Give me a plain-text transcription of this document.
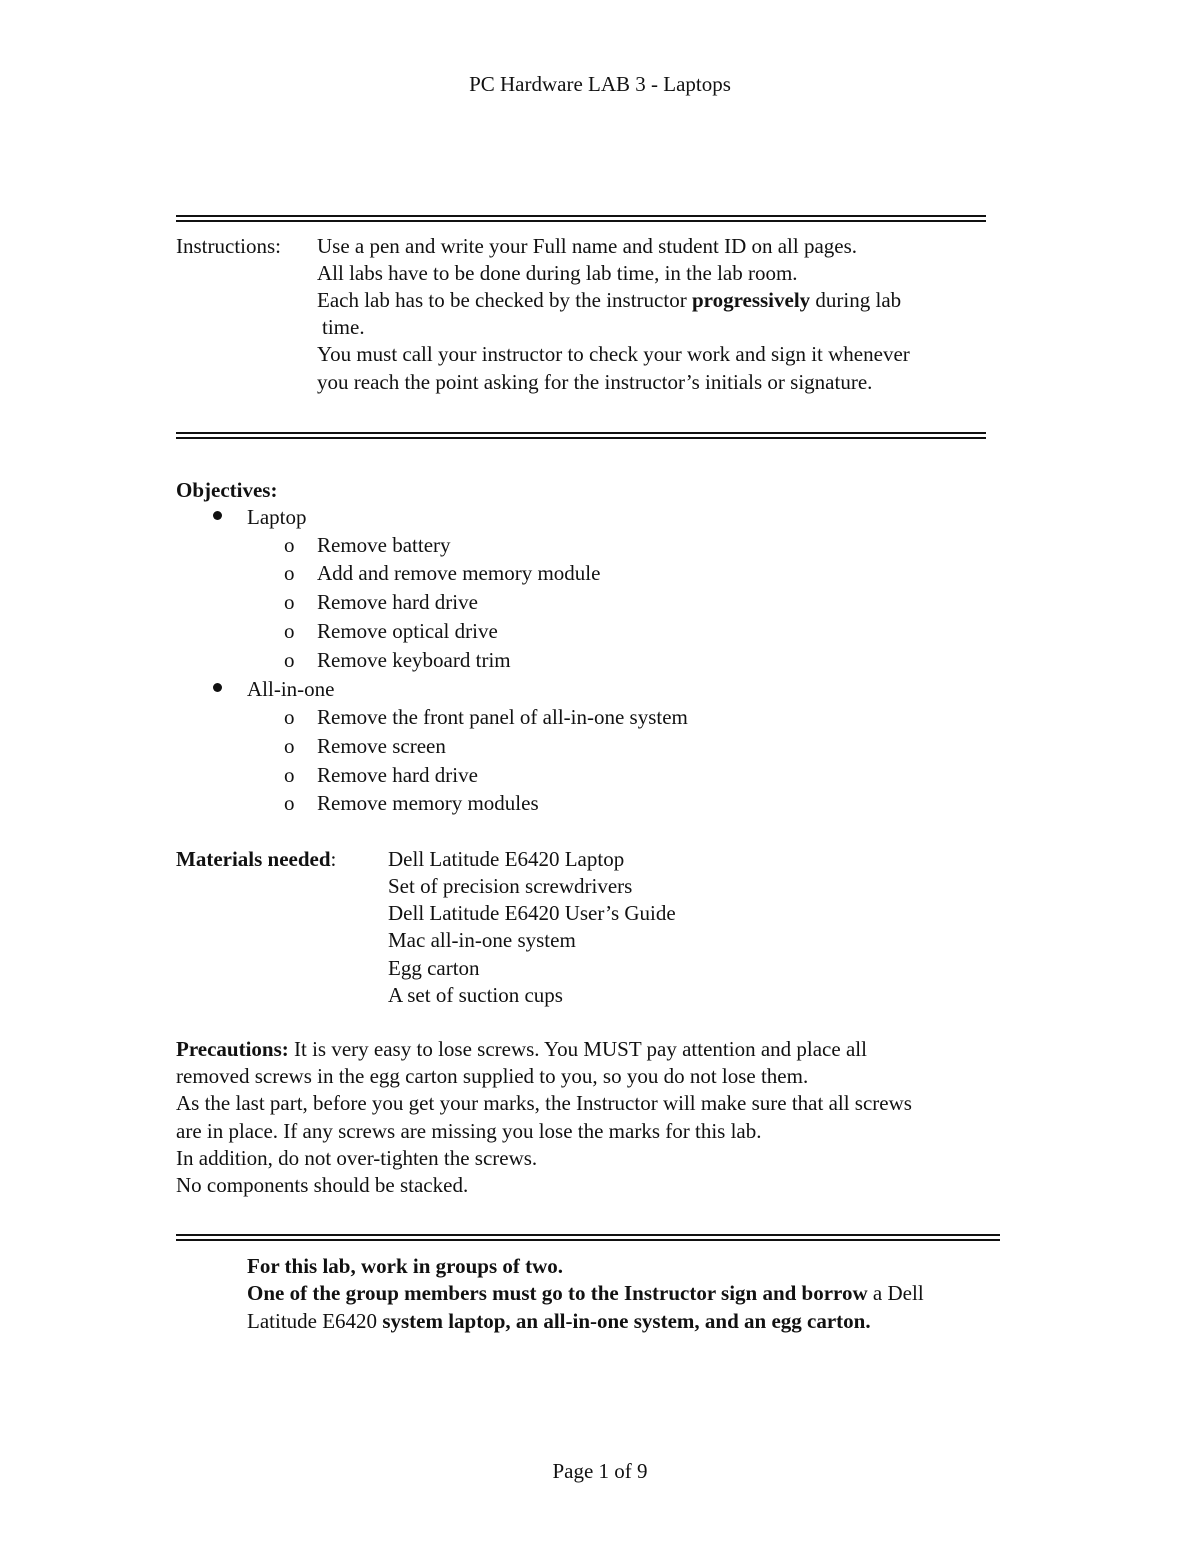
PC Hardware LAB 3 - Laptops
Instructions: Use a pen and write your Full name and student ID on all pages.
All labs have to be done during lab time, in the lab room.
Each lab has to be checked by the instructor progressively during lab
time.
You must call your instructor to check your work and sign it whenever
you reach the point asking for the instructor’s initials or signature.
Objectives:
Laptop
o Remove battery
o Add and remove memory module
o Remove hard drive
o Remove optical drive
o Remove keyboard trim
All-in-one
o Remove the front panel of all-in-one system
o Remove screen
o Remove hard drive
o Remove memory modules
Materials needed: Dell Latitude E6420 Laptop
Set of precision screwdrivers
Dell Latitude E6420 User’s Guide
Mac all-in-one system
Egg carton
A set of suction cups
Precautions: It is very easy to lose screws. You MUST pay attention and place all
removed screws in the egg carton supplied to you, so you do not lose them.
As the last part, before you get your marks, the Instructor will make sure that all screws
are in place. If any screws are missing you lose the marks for this lab.
In addition, do not over-tighten the screws.
No components should be stacked.
For this lab, work in groups of two.
One of the group members must go to the Instructor sign and borrow a Dell
Latitude E6420 system laptop, an all-in-one system, and an egg carton.
Page 1 of 9
